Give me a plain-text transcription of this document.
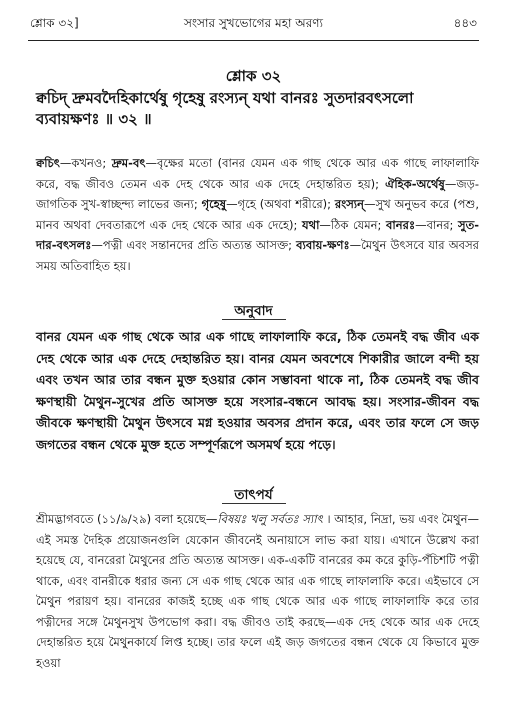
শ্লোক ৩২]	সংসার সুখভোগের মহা অরণ্য	৪৪৩
শ্লোক ৩২
ক্বচিদ্ দ্রুমবদৈহিকার্থেষু গৃহেষু রংস্যন্ যথা বানরঃ সুতদারবৎসলো ব্যবায়ক্ষণঃ ॥ ৩২ ॥
ক্বচিৎ—কখনও; দ্রুম-বৎ—বৃক্ষের মতো (বানর যেমন এক গাছ থেকে আর এক গাছে লাফালাফি করে, বদ্ধ জীবও তেমন এক দেহ থেকে আর এক দেহে দেহান্তরিত হয়); ঐহিক-অর্থেষু—জড়-জাগতিক সুখ-স্বাচ্ছন্দ্য লাভের জন্য; গৃহেষু—গৃহে (অথবা শরীরে); রংস্যন্—সুখ অনুভব করে (পশু, মানব অথবা দেবতারূপে এক দেহ থেকে আর এক দেহে); যথা—ঠিক যেমন; বানরঃ—বানর; সুত-দার-বৎসলঃ—পত্নী এবং সন্তানদের প্রতি অত্যন্ত আসক্ত; ব্যবায়-ক্ষণঃ—মৈথুন উৎসবে যার অবসর সময় অতিবাহিত হয়।
অনুবাদ
বানর যেমন এক গাছ থেকে আর এক গাছে লাফালাফি করে, ঠিক তেমনই বদ্ধ জীব এক দেহ থেকে আর এক দেহে দেহান্তরিত হয়। বানর যেমন অবশেষে শিকারীর জালে বন্দী হয় এবং তখন আর তার বন্ধন মুক্ত হওয়ার কোন সম্ভাবনা থাকে না, ঠিক তেমনই বদ্ধ জীব ক্ষণস্থায়ী মৈথুন-সুখের প্রতি আসক্ত হয়ে সংসার-বন্ধনে আবদ্ধ হয়। সংসার-জীবন বদ্ধ জীবকে ক্ষণস্থায়ী মৈথুন উৎসবে মগ্ন হওয়ার অবসর প্রদান করে, এবং তার ফলে সে জড় জগতের বন্ধন থেকে মুক্ত হতে সম্পূর্ণরূপে অসমর্থ হয়ে পড়ে।
তাৎপর্য
শ্রীমদ্ভাগবতে (১১/৯/২৯) বলা হয়েছে—বিষয়ঃ খলু সর্বতঃ স্যাৎ । আহার, নিদ্রা, ভয় এবং মৈথুন—এই সমস্ত দৈহিক প্রয়োজনগুলি যেকোন জীবনেই অনায়াসে লাভ করা যায়। এখানে উল্লেখ করা হয়েছে যে, বানরেরা মৈথুনের প্রতি অত্যন্ত আসক্ত। এক-একটি বানরের কম করে কুড়ি-পঁচিশটি পত্নী থাকে, এবং বানরীকে ধরার জন্য সে এক গাছ থেকে আর এক গাছে লাফালাফি করে। এইভাবে সে মৈথুন পরায়ণ হয়। বানরের কাজই হচ্ছে এক গাছ থেকে আর এক গাছে লাফালাফি করে তার পত্নীদের সঙ্গে মৈথুনসুখ উপভোগ করা। বদ্ধ জীবও তাই করছে—এক দেহ থেকে আর এক দেহে দেহান্তরিত হয়ে মৈথুনকার্যে লিপ্ত হচ্ছে। তার ফলে এই জড় জগতের বন্ধন থেকে যে কিভাবে মুক্ত হওয়া
